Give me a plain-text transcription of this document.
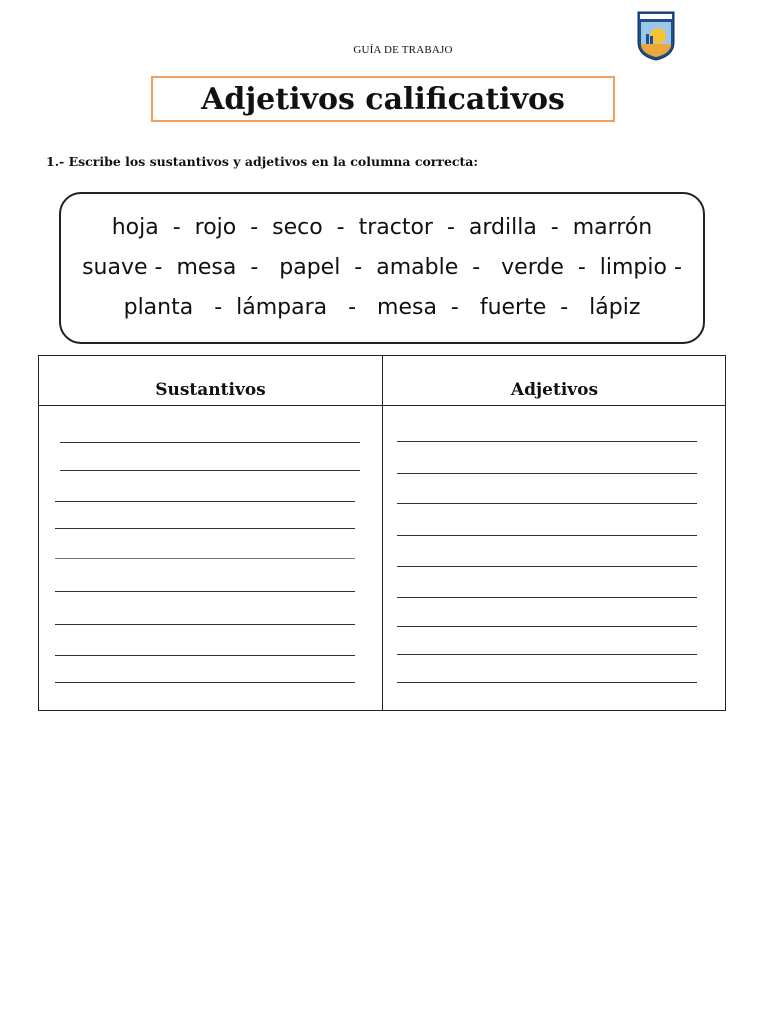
GUÍA DE TRABAJO
Adjetivos calificativos
1.- Escribe los sustantivos y adjetivos en la columna correcta:
hoja  -  rojo  -  seco  -  tractor  -  ardilla  -  marrón
suave -  mesa  -   papel  -  amable  -   verde  -  limpio -
planta   -  lámpara   -   mesa  -   fuerte  -   lápiz
Sustantivos	Adjetivos
